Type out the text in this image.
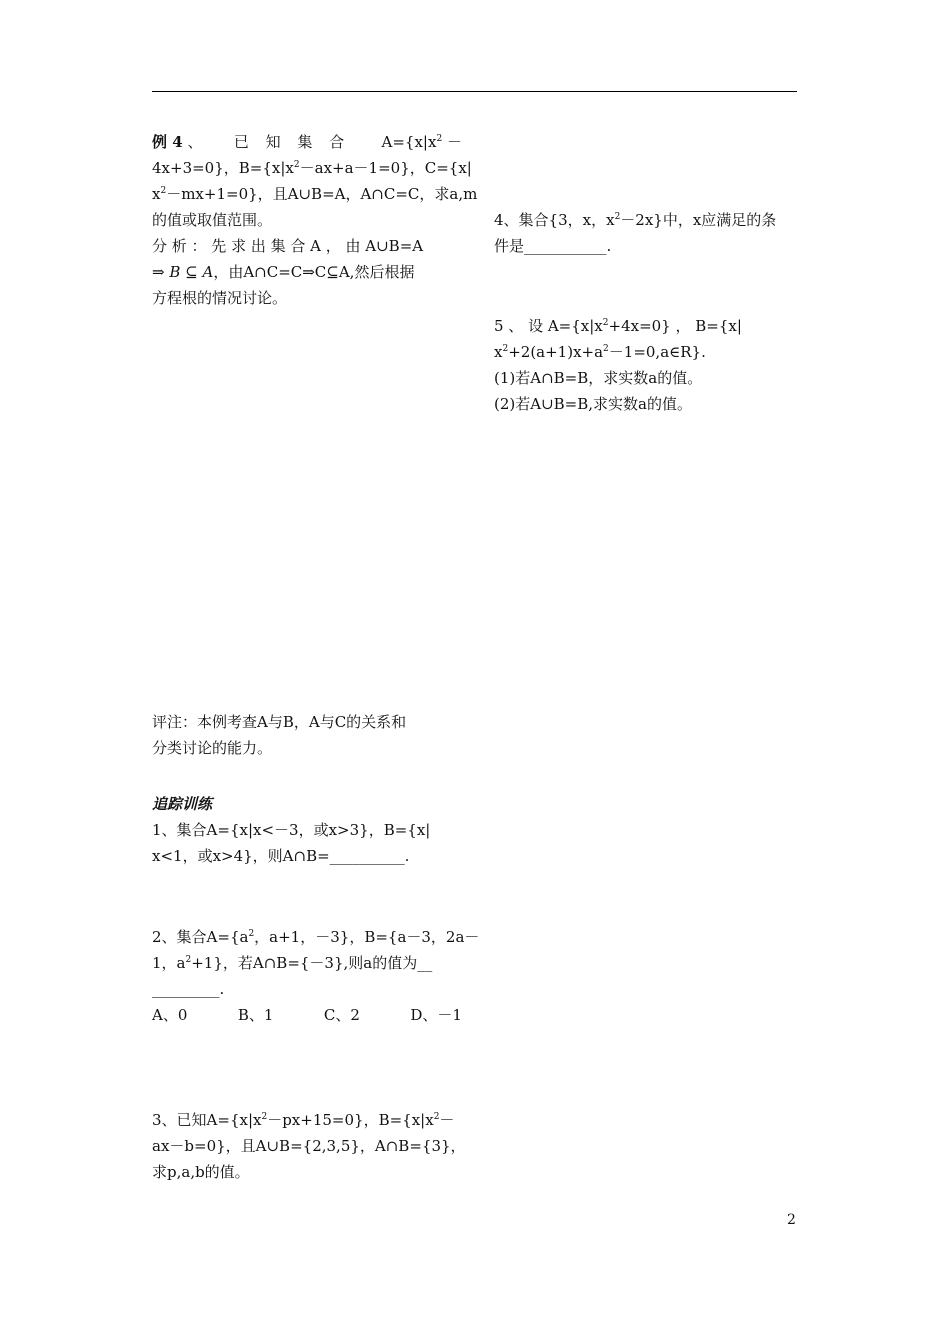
例 4 、 已 知 集 合 $A=\{x|x^2$ －
4x+3=0}，$B=\{x|x^2-ax+a-1=0\}$，C={x|
$x^2-mx+1=0$}，且A∪B=A，A∩C=C，求a,m
的值或取值范围。
分 析 ： 先 求 出 集 合 A ， 由 A∪B=A
⇒ B ⊆ A，由A∩C=C⇒C⊆A,然后根据
方程根的情况讨论。
评注：本例考查A与B，A与C的关系和
分类讨论的能力。
追踪训练
1、集合A={x|x<－3，或x>3}，B={x|
x<1，或x>4}，则A∩B=__________.
2、集合$A=\{a^2$，a+1，－3}，B={a－3，2a－
1，$a^2+1$}，若A∩B={－3},则a的值为__
_________.
A、0	B、1	C、2	D、－1
3、已知$A=\{x|x^2-px+15=0\}$，$B=\{x|x^2-$
ax－b=0}，且A∪B={2,3,5}，A∩B={3}，
求p,a,b的值。
4、集合{3，x，$x^2-2x$}中，x应满足的条
件是___________.
5 、 设 $A=\{x|x^2+4x=0\}$ ， B={x|
$x^2+2(a+1)x+a^2-1=0,a\in R$}.
(1)若A∩B=B，求实数a的值。
(2)若A∪B=B,求实数a的值。
2
